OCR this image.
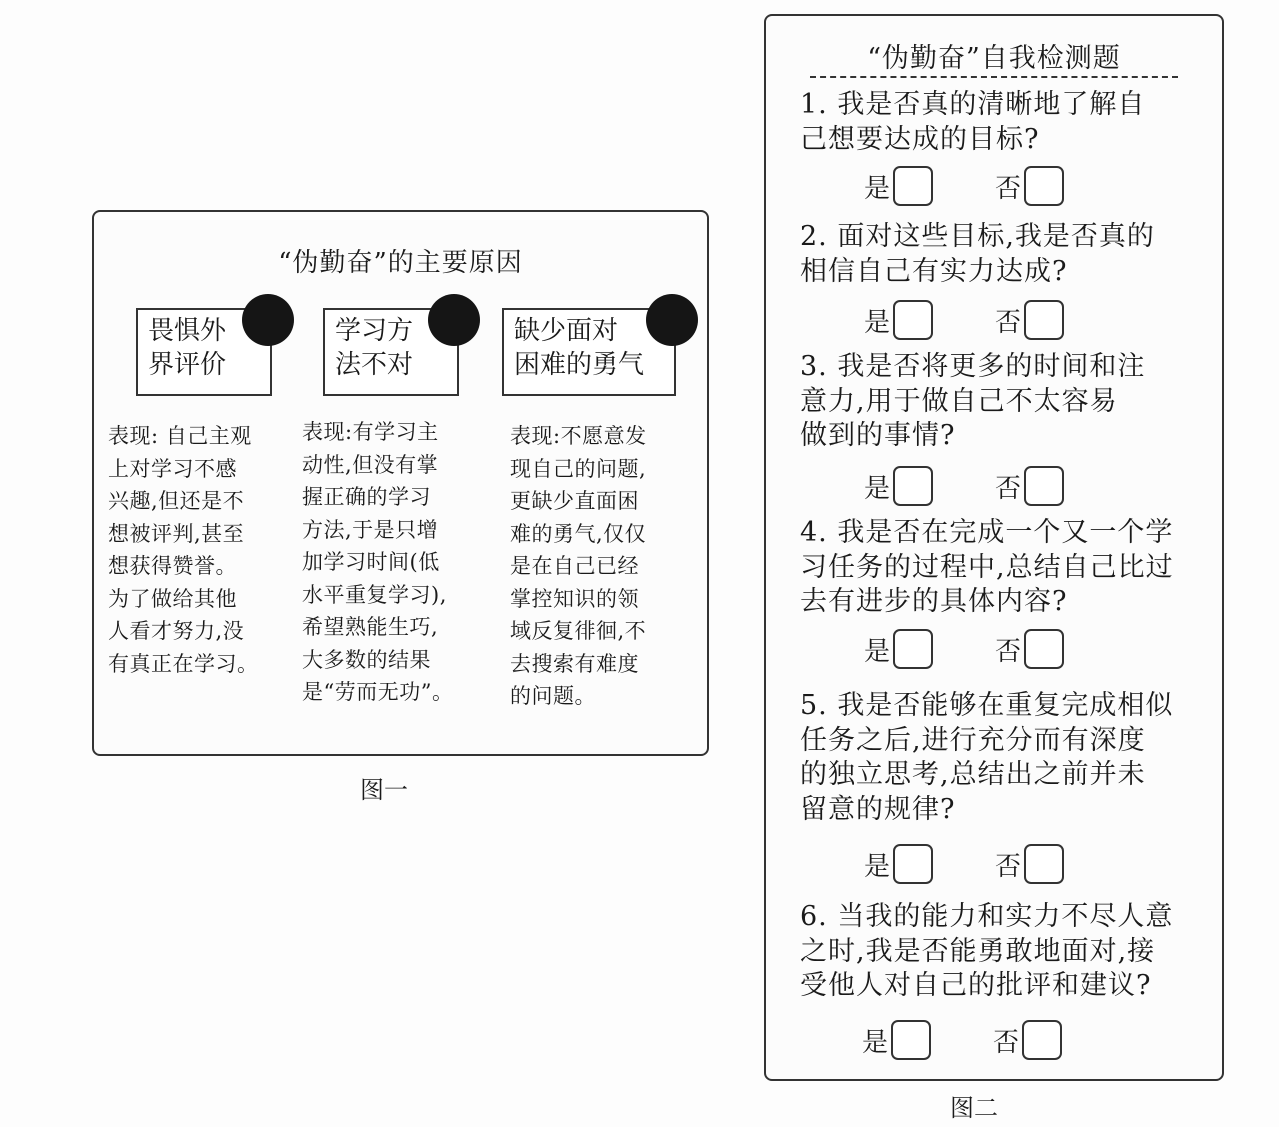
“伪勤奋”的主要原因
畏惧外
界评价
学习方
法不对
缺少面对
困难的勇气
表现: 自己主观
上对学习不感
兴趣,但还是不
想被评判,甚至
想获得赞誉。
为了做给其他
人看才努力,没
有真正在学习。
表现:有学习主
动性,但没有掌
握正确的学习
方法,于是只增
加学习时间(低
水平重复学习),
希望熟能生巧,
大多数的结果
是“劳而无功”。
表现:不愿意发
现自己的问题,
更缺少直面困
难的勇气,仅仅
是在自己已经
掌控知识的领
域反复徘徊,不
去搜索有难度
的问题。
图一
“伪勤奋”自我检测题
1. 我是否真的清晰地了解自
己想要达成的目标?
是	否
2. 面对这些目标,我是否真的
相信自己有实力达成?
是	否
3. 我是否将更多的时间和注
意力,用于做自己不太容易
做到的事情?
是	否
4. 我是否在完成一个又一个学
习任务的过程中,总结自己比过
去有进步的具体内容?
是	否
5. 我是否能够在重复完成相似
任务之后,进行充分而有深度
的独立思考,总结出之前并未
留意的规律?
是	否
6. 当我的能力和实力不尽人意
之时,我是否能勇敢地面对,接
受他人对自己的批评和建议?
是	否
图二
